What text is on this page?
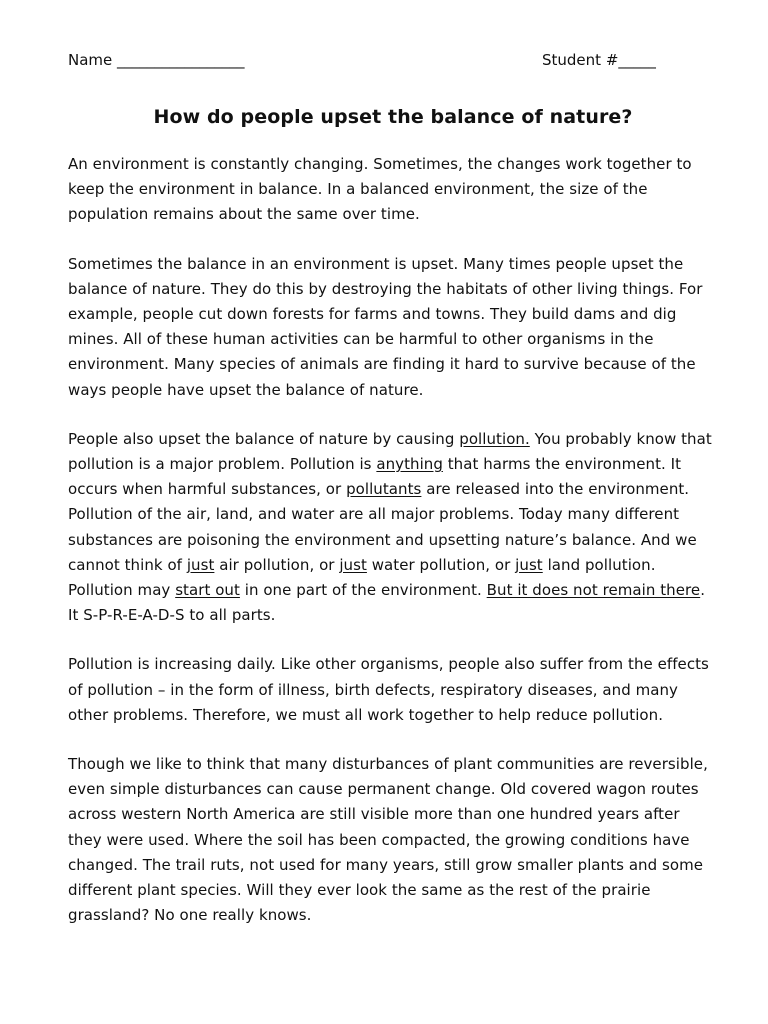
Name _________________	Student #_____
How do people upset the balance of nature?

An environment is constantly changing. Sometimes, the changes work together to keep the environment in balance. In a balanced environment, the size of the population remains about the same over time.

Sometimes the balance in an environment is upset. Many times people upset the balance of nature. They do this by destroying the habitats of other living things. For example, people cut down forests for farms and towns. They build dams and dig mines. All of these human activities can be harmful to other organisms in the environment. Many species of animals are finding it hard to survive because of the ways people have upset the balance of nature.

People also upset the balance of nature by causing pollution. You probably know that pollution is a major problem. Pollution is anything that harms the environment. It occurs when harmful substances, or pollutants are released into the environment. Pollution of the air, land, and water are all major problems. Today many different substances are poisoning the environment and upsetting nature’s balance. And we cannot think of just air pollution, or just water pollution, or just land pollution. Pollution may start out in one part of the environment. But it does not remain there. It S-P-R-E-A-D-S to all parts.

Pollution is increasing daily. Like other organisms, people also suffer from the effects of pollution – in the form of illness, birth defects, respiratory diseases, and many other problems. Therefore, we must all work together to help reduce pollution.

Though we like to think that many disturbances of plant communities are reversible, even simple disturbances can cause permanent change. Old covered wagon routes across western North America are still visible more than one hundred years after they were used. Where the soil has been compacted, the growing conditions have changed. The trail ruts, not used for many years, still grow smaller plants and some different plant species. Will they ever look the same as the rest of the prairie grassland? No one really knows.
